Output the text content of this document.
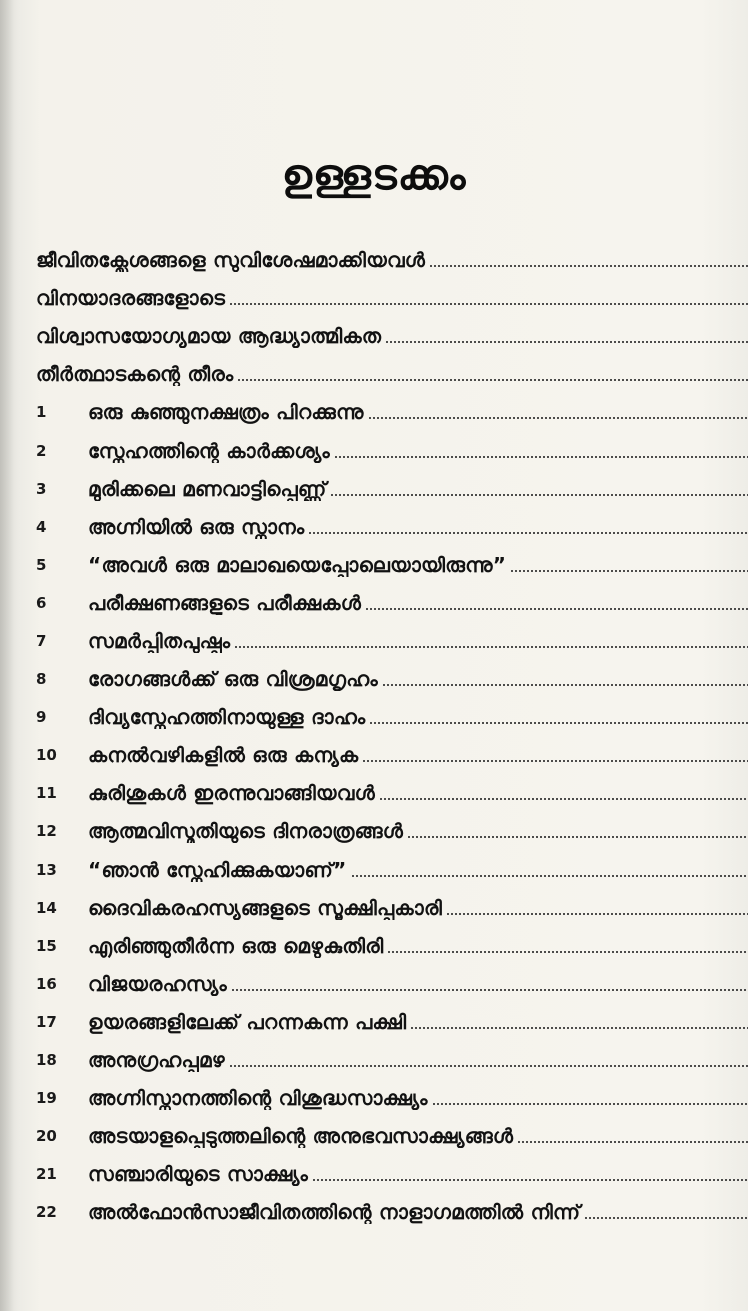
ഉള്ളടക്കം
ജീവിതക്ലേശങ്ങളെ സുവിശേഷമാക്കിയവൾ
വിനയാദരങ്ങളോടെ
വിശ്വാസയോഗ്യമായ ആദ്ധ്യാത്മികത
തീർത്ഥാടകന്റെ തീരം
1	ഒരു കുഞ്ഞുനക്ഷത്രം പിറക്കുന്നു
2	സ്നേഹത്തിന്റെ കാർക്കശ്യം
3	മുരിക്കലെ മണവാട്ടിപ്പെണ്ണ്
4	അഗ്നിയിൽ ഒരു സ്നാനം
5	“അവൾ ഒരു മാലാഖയെപ്പോലെയായിരുന്നു”
6	പരീക്ഷണങ്ങളുടെ പരീക്ഷകൾ
7	സമർപ്പിതപുഷ്പം
8	രോഗങ്ങൾക്ക് ഒരു വിശ്രമഗൃഹം
9	ദിവ്യസ്നേഹത്തിനായുള്ള ദാഹം
10	കനൽവഴികളിൽ ഒരു കന്യക
11	കുരിശുകൾ ഇരന്നുവാങ്ങിയവൾ
12	ആത്മവിസ്മൃതിയുടെ ദിനരാത്രങ്ങൾ
13	“ഞാൻ സ്നേഹിക്കുകയാണ്”
14	ദൈവികരഹസ്യങ്ങളുടെ സൂക്ഷിപ്പുകാരി
15	എരിഞ്ഞുതീർന്ന ഒരു മെഴുകുതിരി
16	വിജയരഹസ്യം
17	ഉയരങ്ങളിലേക്ക് പറന്നകന്ന പക്ഷി
18	അനുഗ്രഹപ്പൂമഴ
19	അഗ്നിസ്നാനത്തിന്റെ വിശുദ്ധസാക്ഷ്യം
20	അടയാളപ്പെടുത്തലിന്റെ അനുഭവസാക്ഷ്യങ്ങൾ
21	സഞ്ചാരിയുടെ സാക്ഷ്യം
22	അൽഫോൻസാജീവിതത്തിന്റെ നാളാഗമത്തിൽ നിന്ന്
